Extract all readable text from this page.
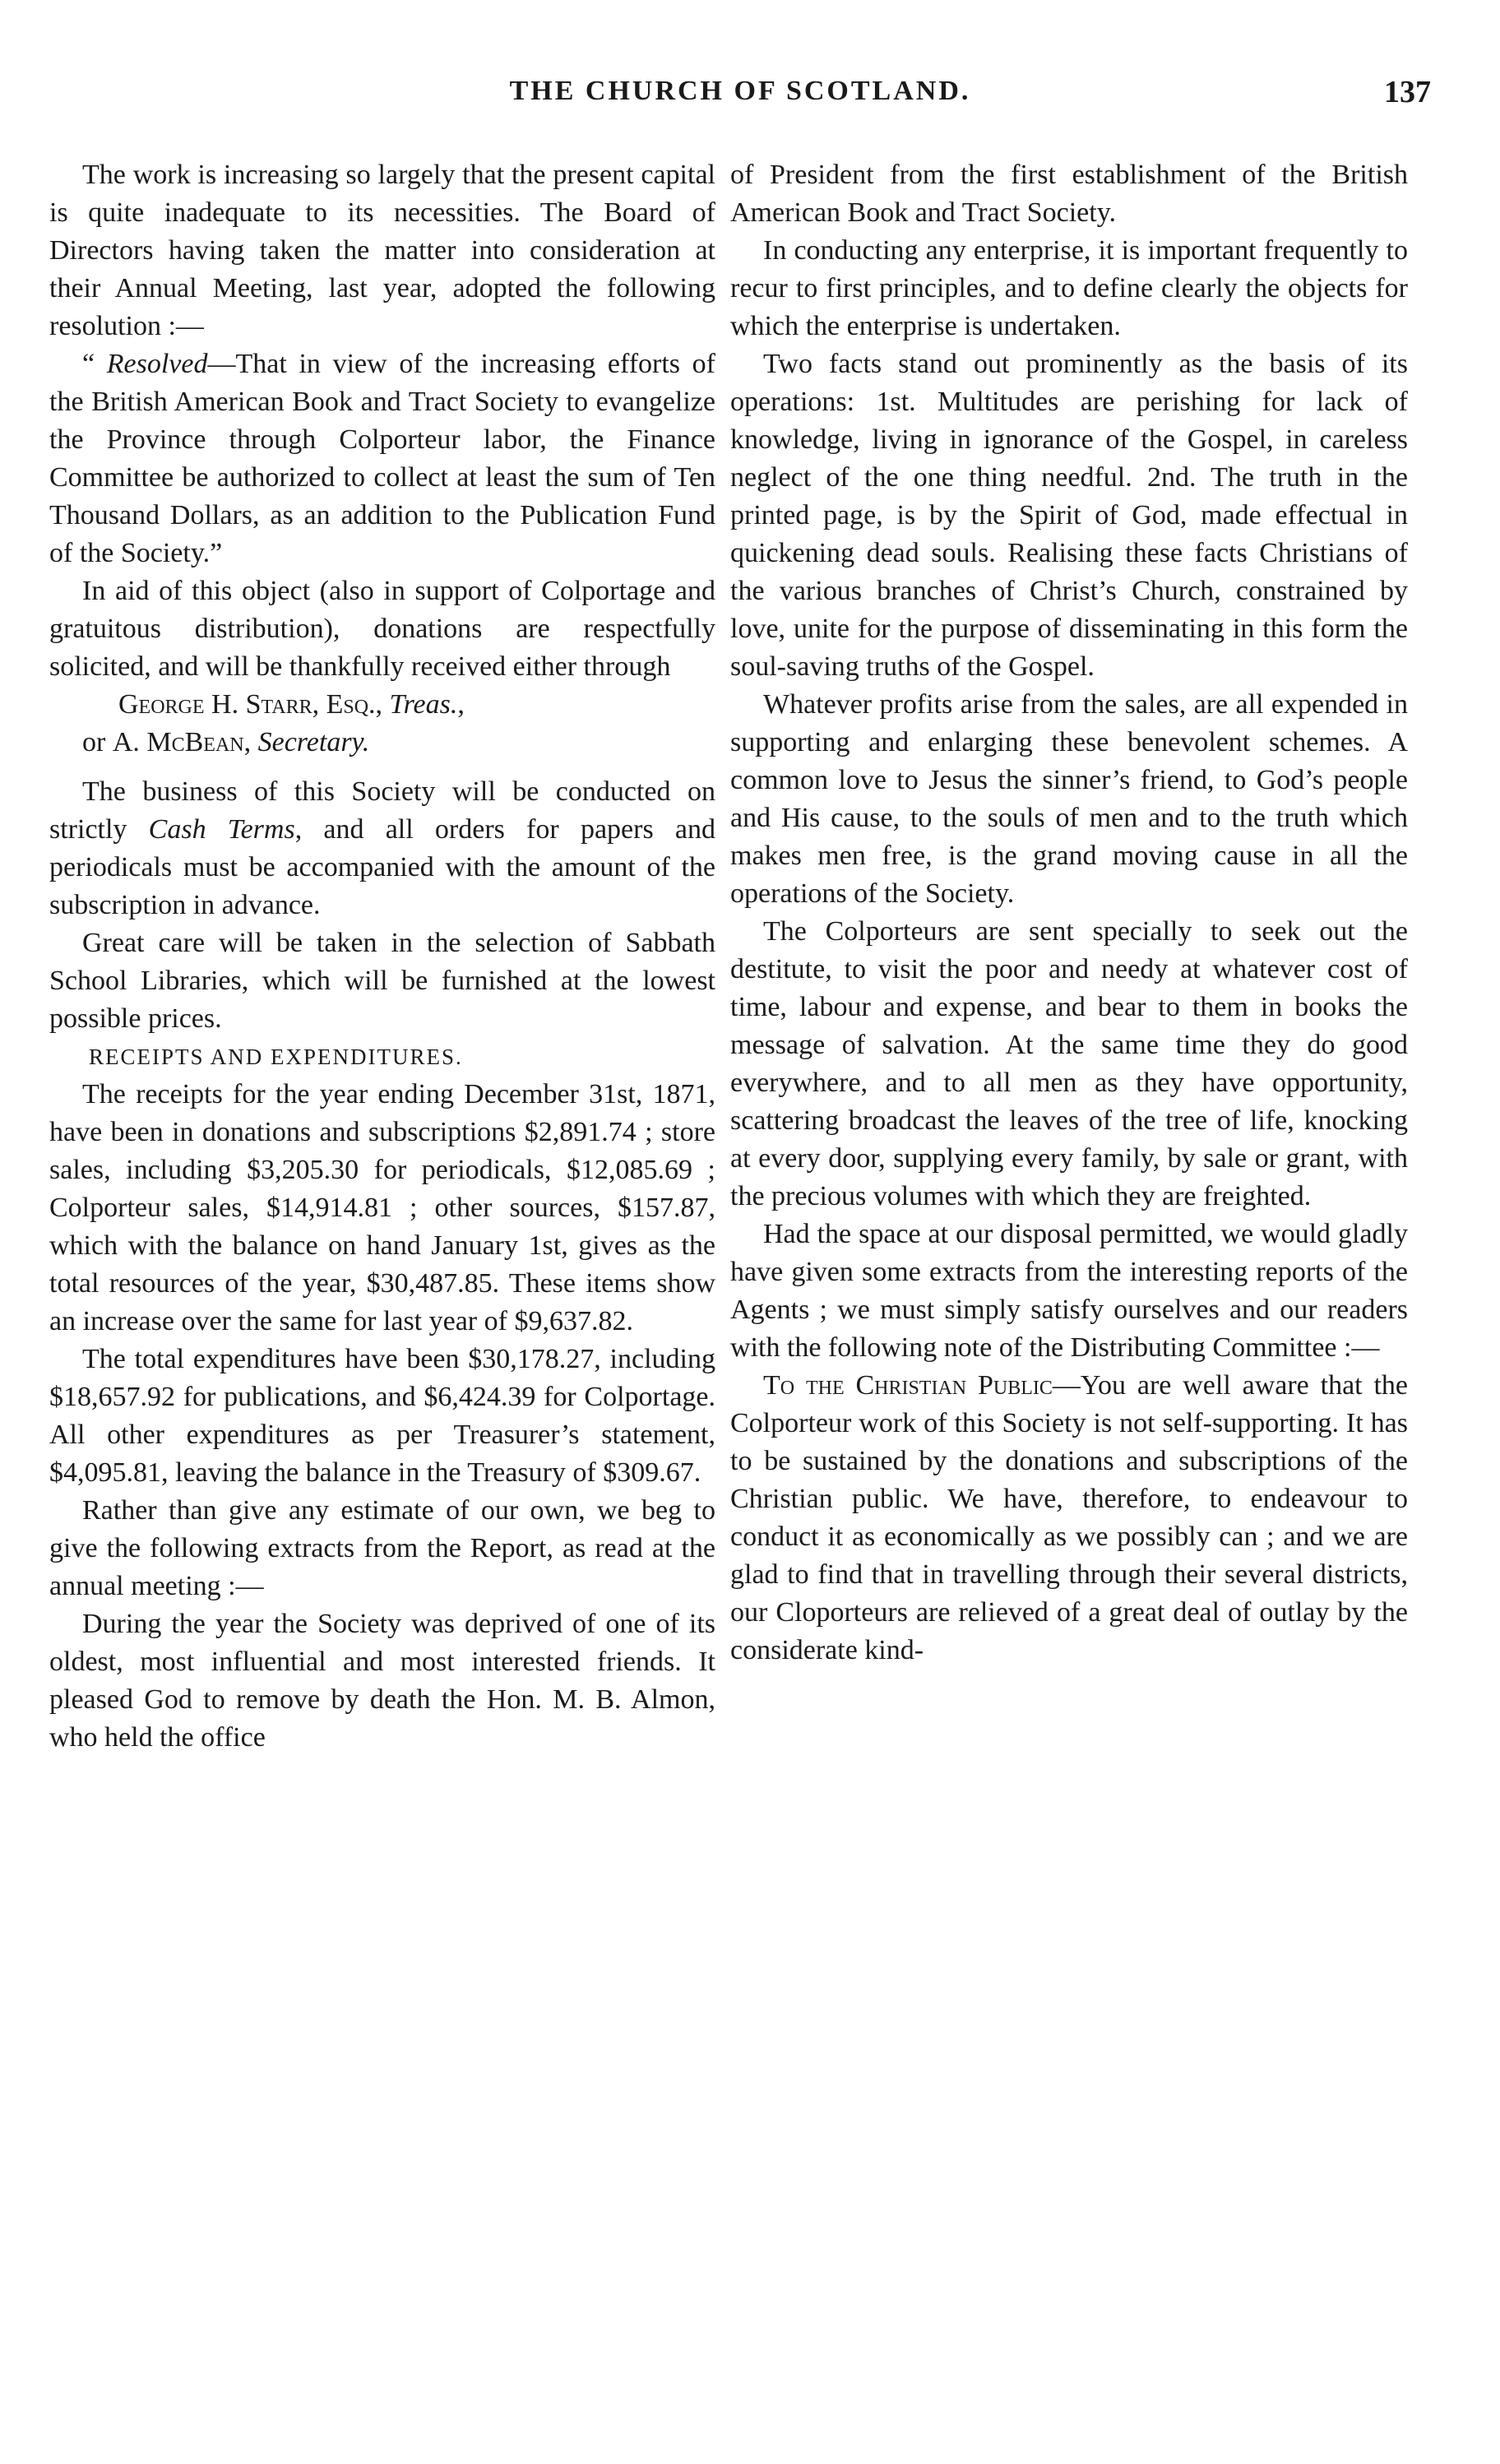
THE CHURCH OF SCOTLAND.	137

The work is increasing so largely that the present capital is quite inadequate to its necessities. The Board of Directors having taken the matter into consideration at their Annual Meeting, last year, adopted the following resolution :—

“ Resolved—That in view of the increasing efforts of the British American Book and Tract Society to evangelize the Province through Colporteur labor, the Finance Committee be authorized to collect at least the sum of Ten Thousand Dollars, as an addition to the Publication Fund of the Society.”

In aid of this object (also in support of Colportage and gratuitous distribution), donations are respectfully solicited, and will be thankfully received either through

George H. Starr, Esq., Treas.,
or A. McBean, Secretary.

The business of this Society will be conducted on strictly Cash Terms, and all orders for papers and periodicals must be accompanied with the amount of the subscription in advance.

Great care will be taken in the selection of Sabbath School Libraries, which will be furnished at the lowest possible prices.

RECEIPTS AND EXPENDITURES.

The receipts for the year ending December 31st, 1871, have been in donations and subscriptions $2,891.74 ; store sales, including $3,205.30 for periodicals, $12,085.69 ; Colporteur sales, $14,914.81 ; other sources, $157.87, which with the balance on hand January 1st, gives as the total resources of the year, $30,487.85. These items show an increase over the same for last year of $9,637.82.

The total expenditures have been $30,178.27, including $18,657.92 for publications, and $6,424.39 for Colportage. All other expenditures as per Treasurer’s statement, $4,095.81, leaving the balance in the Treasury of $309.67.

Rather than give any estimate of our own, we beg to give the following extracts from the Report, as read at the annual meeting :—

During the year the Society was deprived of one of its oldest, most influential and most interested friends. It pleased God to remove by death the Hon. M. B. Almon, who held the office

of President from the first establishment of the British American Book and Tract Society.

In conducting any enterprise, it is important frequently to recur to first principles, and to define clearly the objects for which the enterprise is undertaken.

Two facts stand out prominently as the basis of its operations: 1st. Multitudes are perishing for lack of knowledge, living in ignorance of the Gospel, in careless neglect of the one thing needful. 2nd. The truth in the printed page, is by the Spirit of God, made effectual in quickening dead souls. Realising these facts Christians of the various branches of Christ’s Church, constrained by love, unite for the purpose of disseminating in this form the soul-saving truths of the Gospel.

Whatever profits arise from the sales, are all expended in supporting and enlarging these benevolent schemes. A common love to Jesus the sinner’s friend, to God’s people and His cause, to the souls of men and to the truth which makes men free, is the grand moving cause in all the operations of the Society.

The Colporteurs are sent specially to seek out the destitute, to visit the poor and needy at whatever cost of time, labour and expense, and bear to them in books the message of salvation. At the same time they do good everywhere, and to all men as they have opportunity, scattering broadcast the leaves of the tree of life, knocking at every door, supplying every family, by sale or grant, with the precious volumes with which they are freighted.

Had the space at our disposal permitted, we would gladly have given some extracts from the interesting reports of the Agents ; we must simply satisfy ourselves and our readers with the following note of the Distributing Committee :—

To the Christian Public—You are well aware that the Colporteur work of this Society is not self-supporting. It has to be sustained by the donations and subscriptions of the Christian public. We have, therefore, to endeavour to conduct it as economically as we possibly can ; and we are glad to find that in travelling through their several districts, our Cloporteurs are relieved of a great deal of outlay by the considerate kind-
